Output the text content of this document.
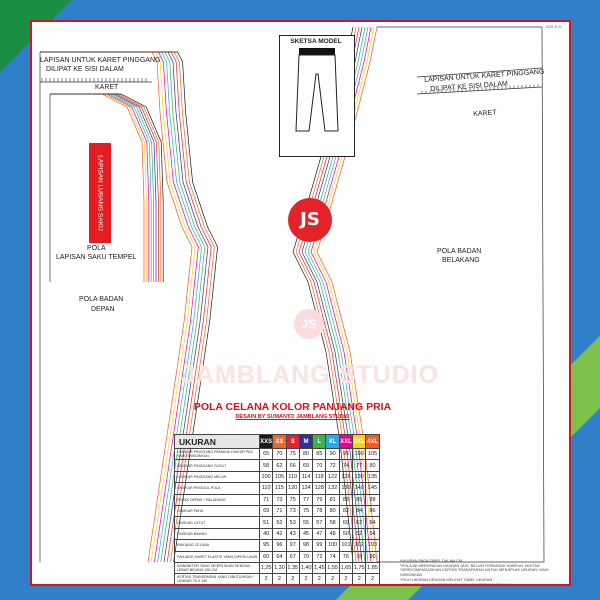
SKETSA MODEL

SIZE 8 XL

LAPISAN UNTUK KARET PINGGANG

DILIPAT KE SISI DALAM

KARET

LAPISAN LUBANG SAKU

POLA

LAPISAN SAKU TEMPEL

POLA BADAN

DEPAN

LAPISAN UNTUK KARET PINGGANG

DILIPAT KE SISI DALAM

KARET

POLA BADAN

BELAKANG

JS
JS

JAMBLANG STUDIO

POLA CELANA KOLOR PANJANG PRIA

DESAIN BY SUMANTO JAMBLANG STUDIO

UKURAN	XXS	XS	S	M	L	XL	XXL	3XL	4XL
LINGKAR PINGGANG PEMAKAI DIUKUR PAS YANG DIINGINKAN	65	70	75	80	85	90	95	100	105
LINGKAR PINGGANG SUSUT	58	62	66	69	70	72	74	77	80
LINGKAR PINGGANG MELAR	100	105	110	114	118	122	126	130	135
LINGKAR PINGGUL POLA	110	115	120	124	128	132	136	140	145
PESAK DEPAN + BELAKANG	71	73	75	77	79	81	83	85	88
LINGKAR PAHA	69	71	73	75	78	80	82	84	86
LINGKAR LUTUT	51	52	53	55	57	58	60	62	64
LINGKAR BAWAH	40	42	43	45	47	48	50	52	54
PANJANG CELANA	95	96	97	98	99	100	101	102	103
PANJANG KARET ELASTIK YANG DIPERLUKAN	60	64	67	70	72	74	76	78	80
KAIN/METER YANG DIPERLUKAN DENGAN LEBAR BIDANG 150 CM	1,25	1,30	1,35	1,40	1,45	1,55	1,65	1,75	1,85
KERTAS TRANSPARAN YANG DIBUTUHKAN / LEMBAR 75 X 190	2	2	2	2	2	2	2	2	2

*UKURAN PADA TABEL DALAM CM

*POLA INI MERUPAKAN UKURAN JADI, BELUM TERMASUK KAMPUH JAHITAN

*DIREKOMENDASIKAN KERTAS TRANSPARAN UNTUK MENJIPLAK UKURAN YANG DIINGINKAN

*PILIH UKURAN DENGAN MELIHAT TABEL UKURAN

UNTUK PEMAKAIAN PRIBADI, DILARANG DIPERJUALBELIKAN
